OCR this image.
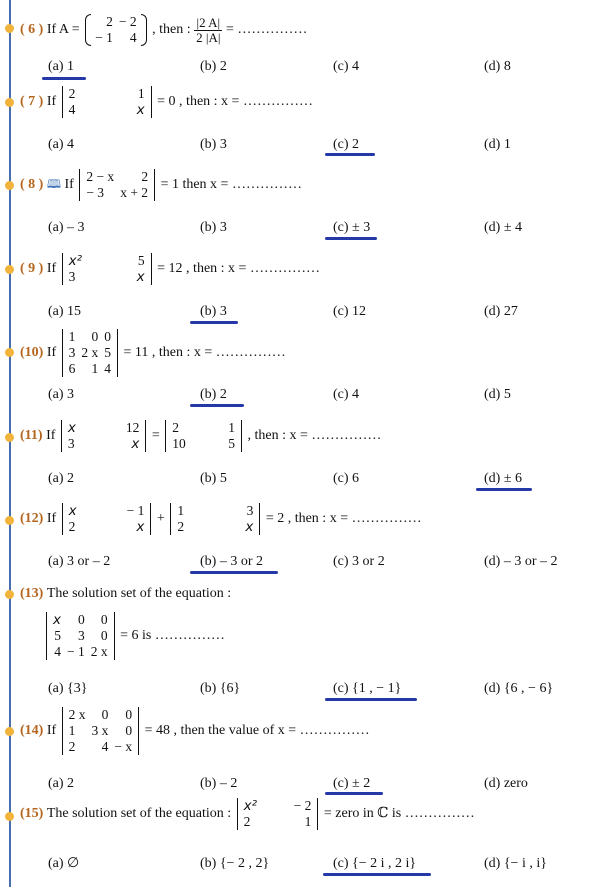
( 6 ) If A =
2	− 2
− 1	4
, then : $\frac{|2 A|}{2 |A|}$ = ……………
(a) 1	(b) 2	(c) 4	(d) 8
( 7 ) If
2	1
4	x
= 0 , then : x = ……………
(a) 4	(b) 3	(c) 2	(d) 1
( 8 ) 🕮 If
2 − x	2
− 3	x + 2
= 1 then x = ……………
(a) – 3	(b) 3	(c) ± 3	(d) ± 4
( 9 ) If x²	5
3	x
= 12 , then : x = ……………
(a) 15	(b) 3	(c) 12	(d) 27
(10) If
1	0	0
3	2 x	5
6	1	4
= 11 , then : x = ……………
(a) 3	(b) 2	(c) 4	(d) 5
(11) If x	12
3	x
=
2	1
10	5
, then : x = ……………
(a) 2	(b) 5	(c) 6	(d) ± 6
(12) If x	− 1
2	x
+
1	3
2	x
= 2 , then : x = ……………
(a) 3 or – 2	(b) – 3 or 2	(c) 3 or 2	(d) – 3 or – 2
(13) The solution set of the equation :
x	0	0
5	3	0
4	− 1	2 x
= 6 is ……………
(a) {3}	(b) {6}	(c) {1 , − 1}	(d) {6 , − 6}
(14) If
2 x	0	0
1	3 x	0
2	4	− x
= 48 , then the value of x = ……………
(a) 2	(b) – 2	(c) ± 2	(d) zero
(15) The solution set of the equation : x²	− 2
2	1
= zero in ℂ is ……………
(a) ∅	(b) {− 2 , 2}	(c) {− 2 i , 2 i}	(d) {− i , i}
